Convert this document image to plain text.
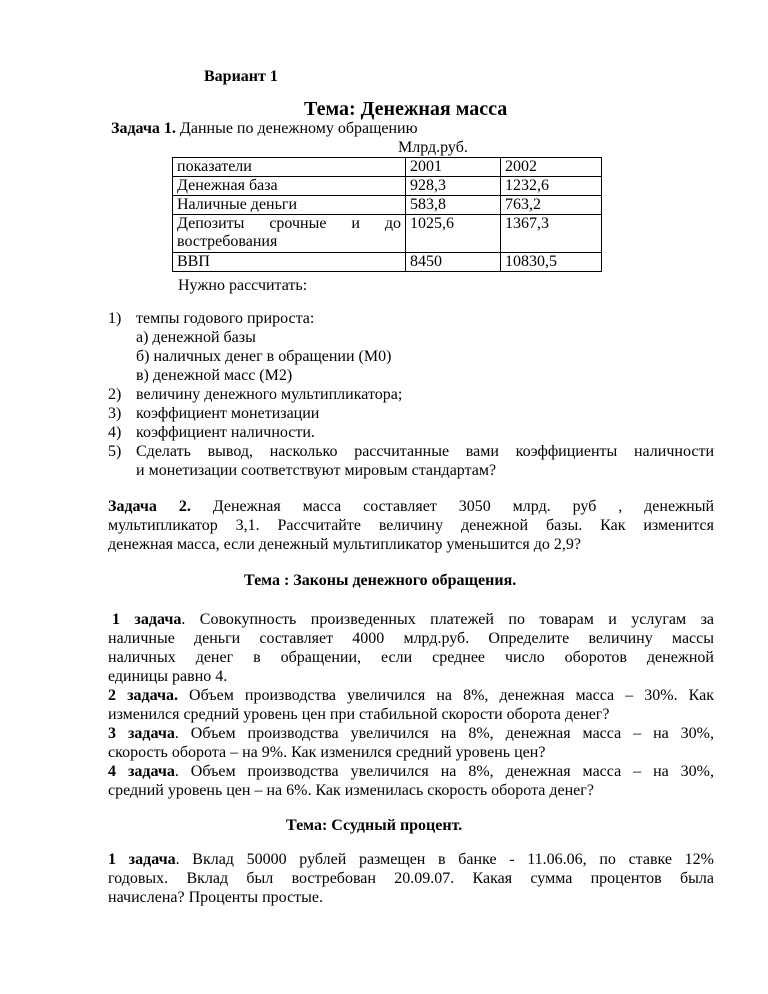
Вариант 1
Тема: Денежная масса
Задача 1. Данные по денежному обращению
Млрд.руб.
показатели	2001	2002
Денежная база	928,3	1232,6
Наличные деньги	583,8	763,2

Депозиты срочные и до
востребования	1025,6	1367,3
ВВП	8450	10830,5
Нужно рассчитать:
1) темпы годового прироста:
а) денежной базы
б) наличных денег в обращении (М0)
в) денежной масс (М2)
2) величину денежного мультипликатора;
3) коэффициент монетизации
4) коэффициент наличности.
5) Сделать вывод, насколько рассчитанные вами коэффициенты наличности
и монетизации соответствуют мировым стандартам?
Задача 2. Денежная масса составляет 3050 млрд. руб , денежный
мультипликатор 3,1. Рассчитайте величину денежной базы. Как изменится
денежная масса, если денежный мультипликатор уменьшится до 2,9?
Тема : Законы денежного обращения.
1 задача. Совокупность произведенных платежей по товарам и услугам за
наличные деньги составляет 4000 млрд.руб. Определите величину массы
наличных денег в обращении, если среднее число оборотов денежной
единицы равно 4.
2 задача. Объем производства увеличился на 8%, денежная масса – 30%. Как
изменился средний уровень цен при стабильной скорости оборота денег?
3 задача. Объем производства увеличился на 8%, денежная масса – на 30%,
скорость оборота – на 9%. Как изменился средний уровень цен?
4 задача. Объем производства увеличился на 8%, денежная масса – на 30%,
средний уровень цен – на 6%. Как изменилась скорость оборота денег?
Тема: Ссудный процент.
1 задача. Вклад 50000 рублей размещен в банке - 11.06.06, по ставке 12%
годовых. Вклад был востребован 20.09.07. Какая сумма процентов была
начислена? Проценты простые.
